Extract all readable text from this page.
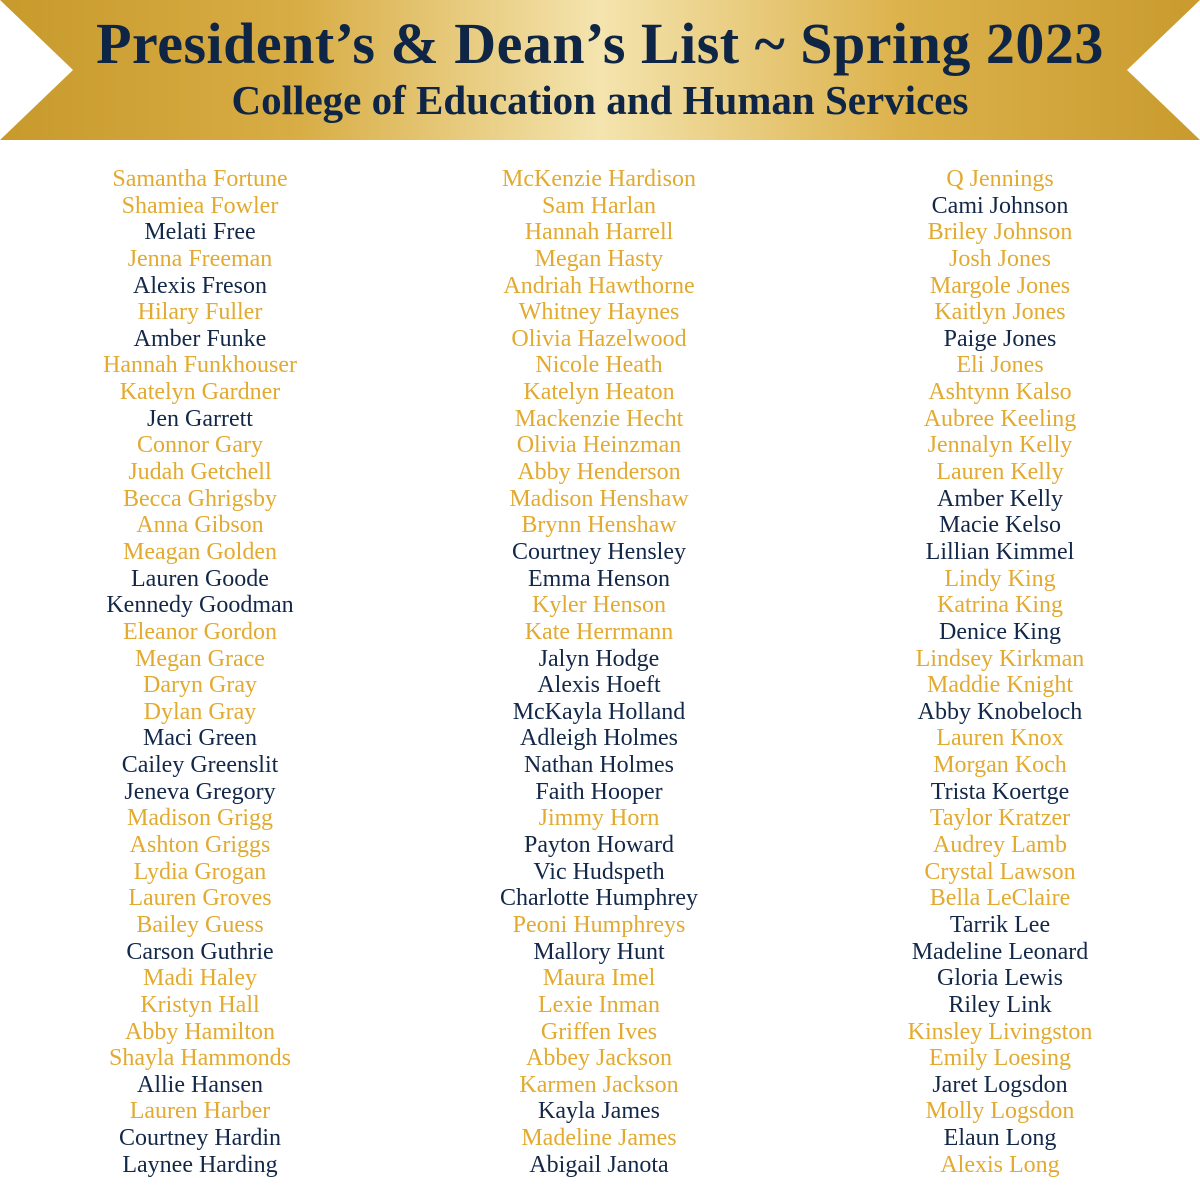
President’s & Dean’s List ~ Spring 2023
College of Education and Human Services
Samantha Fortune
Shamiea Fowler
Melati Free
Jenna Freeman
Alexis Freson
Hilary Fuller
Amber Funke
Hannah Funkhouser
Katelyn Gardner
Jen Garrett
Connor Gary
Judah Getchell
Becca Ghrigsby
Anna Gibson
Meagan Golden
Lauren Goode
Kennedy Goodman
Eleanor Gordon
Megan Grace
Daryn Gray
Dylan Gray
Maci Green
Cailey Greenslit
Jeneva Gregory
Madison Grigg
Ashton Griggs
Lydia Grogan
Lauren Groves
Bailey Guess
Carson Guthrie
Madi Haley
Kristyn Hall
Abby Hamilton
Shayla Hammonds
Allie Hansen
Lauren Harber
Courtney Hardin
Laynee Harding
McKenzie Hardison
Sam Harlan
Hannah Harrell
Megan Hasty
Andriah Hawthorne
Whitney Haynes
Olivia Hazelwood
Nicole Heath
Katelyn Heaton
Mackenzie Hecht
Olivia Heinzman
Abby Henderson
Madison Henshaw
Brynn Henshaw
Courtney Hensley
Emma Henson
Kyler Henson
Kate Herrmann
Jalyn Hodge
Alexis Hoeft
McKayla Holland
Adleigh Holmes
Nathan Holmes
Faith Hooper
Jimmy Horn
Payton Howard
Vic Hudspeth
Charlotte Humphrey
Peoni Humphreys
Mallory Hunt
Maura Imel
Lexie Inman
Griffen Ives
Abbey Jackson
Karmen Jackson
Kayla James
Madeline James
Abigail Janota
Q Jennings
Cami Johnson
Briley Johnson
Josh Jones
Margole Jones
Kaitlyn Jones
Paige Jones
Eli Jones
Ashtynn Kalso
Aubree Keeling
Jennalyn Kelly
Lauren Kelly
Amber Kelly
Macie Kelso
Lillian Kimmel
Lindy King
Katrina King
Denice King
Lindsey Kirkman
Maddie Knight
Abby Knobeloch
Lauren Knox
Morgan Koch
Trista Koertge
Taylor Kratzer
Audrey Lamb
Crystal Lawson
Bella LeClaire
Tarrik Lee
Madeline Leonard
Gloria Lewis
Riley Link
Kinsley Livingston
Emily Loesing
Jaret Logsdon
Molly Logsdon
Elaun Long
Alexis Long
